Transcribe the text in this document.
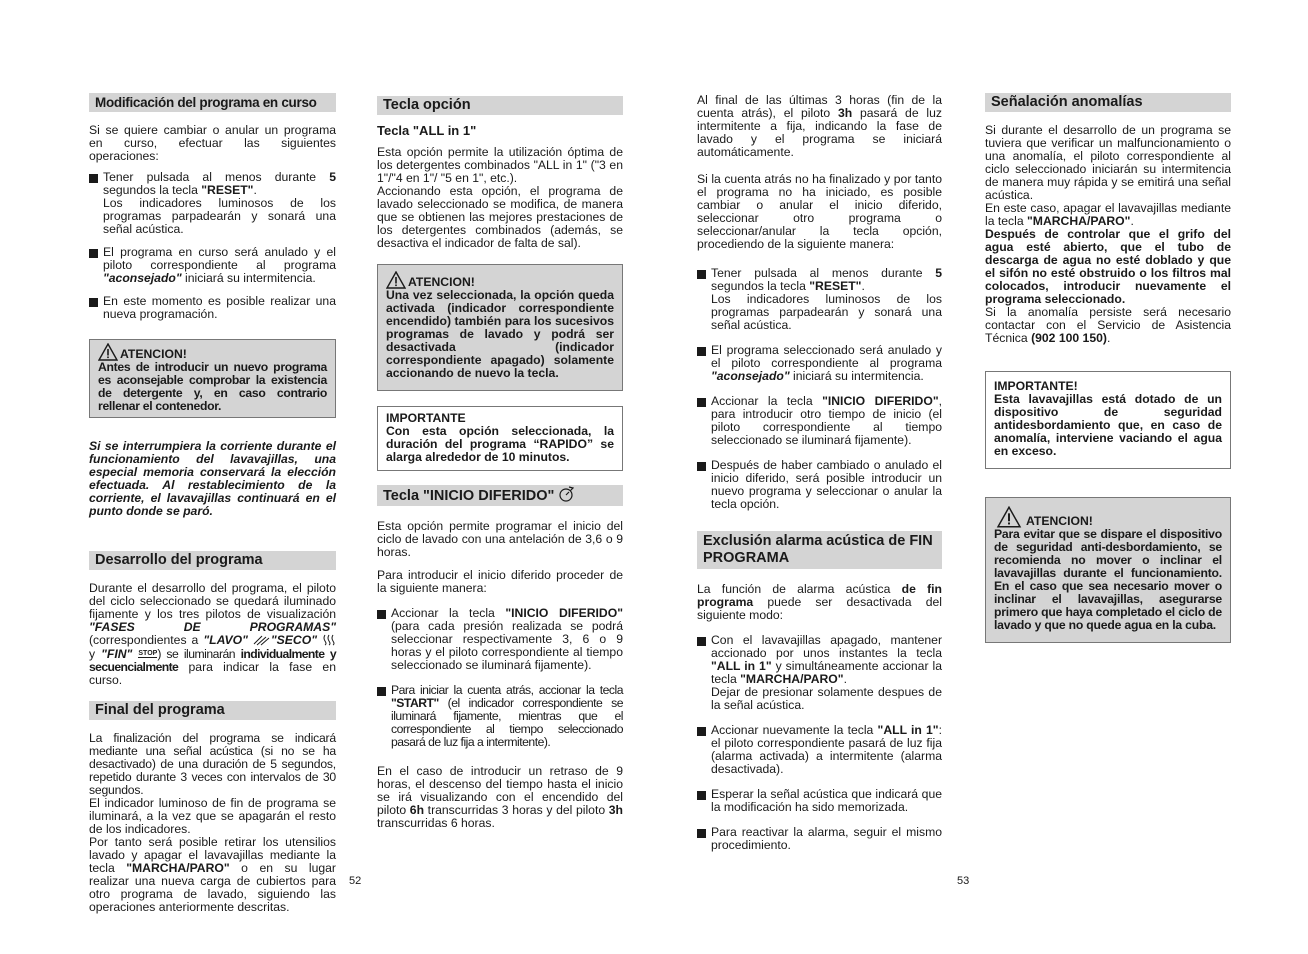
Modificación del programa en curso

Si se quiere cambiar o anular un programa en curso, efectuar las siguientes operaciones:

Tener pulsada al menos durante 5 segundos la tecla "RESET".
Los indicadores luminosos de los programas parpadearán y sonará una señal acústica.
El programa en curso será anulado y el piloto correspondiente al programa "aconsejado" iniciará su intermitencia.
En este momento es posible realizar una nueva programación.
ATENCION!
Antes de introducir un nuevo programa es aconsejable comprobar la existencia de detergente y, en caso contrario rellenar el contenedor.

Si se interrumpiera la corriente durante el funcionamiento del lavavajillas, una especial memoria conservará la elección efectuada. Al restablecimiento de la corriente, el lavavajillas continuará en el punto donde se paró.

Desarrollo del programa

Durante el desarrollo del programa, el piloto del ciclo seleccionado se quedará iluminado fijamente y los tres pilotos de visualización "FASES DE PROGRAMAS" (correspondientes a "LAVO" "SECO"  y "FIN" $^{STOP}$) se iluminarán individualmente y secuencialmente para indicar la fase en curso.

Final del programa

La finalización del programa se indicará mediante una señal acústica (si no se ha desactivado) de una duración de 5 segundos, repetido durante 3 veces con intervalos de 30 segundos.

El indicador luminoso de fin de programa se iluminará, a la vez que se apagarán el resto de los indicadores.

Por tanto será posible retirar los utensilios lavado y apagar el lavavajillas mediante la tecla "MARCHA/PARO" o en su lugar realizar una nueva carga de cubiertos para otro programa de lavado, siguiendo las operaciones anteriormente descritas.

52
Tecla opción
Tecla "ALL in 1"

Esta opción permite la utilización óptima de los detergentes combinados "ALL in 1" ("3 en 1"/"4 en 1"/ "5 en 1", etc.).

Accionando esta opción, el programa de lavado seleccionado se modifica, de manera que se obtienen las mejores prestaciones de los detergentes combinados (además, se desactiva el indicador de falta de sal).

ATENCION!
Una vez seleccionada, la opción queda activada (indicador correspondiente encendido) también para los sucesivos programas de lavado y podrá ser desactivada (indicador correspondiente apagado) solamente accionando de nuevo la tecla.
IMPORTANTE
Con esta opción seleccionada, la duración del programa “RAPIDO” se alarga alrededor de 10 minutos.
Tecla "INICIO DIFERIDO"

Esta opción permite programar el inicio del ciclo de lavado con una antelación de 3,6 o 9 horas.

Para introducir el inicio diferido proceder de la siguiente manera:

Accionar la tecla "INICIO DIFERIDO" (para cada presión realizada se podrá seleccionar respectivamente 3, 6 o 9 horas y el piloto correspondiente al tiempo seleccionado se iluminará fijamente).
Para iniciar la cuenta atrás, accionar la tecla "START" (el indicador correspondiente se iluminará fijamente, mientras que el correspondiente al tiempo seleccionado pasará de luz fija a intermitente).

En el caso de introducir un retraso de 9 horas, el descenso del tiempo hasta el inicio se irá visualizando con el encendido del piloto 6h transcurridas 3 horas y del piloto 3h transcurridas 6 horas.

Al final de las últimas 3 horas (fin de la cuenta atrás), el piloto 3h pasará de luz intermitente a fija, indicando la fase de lavado y el programa se iniciará automáticamente.

Si la cuenta atrás no ha finalizado y por tanto el programa no ha iniciado, es posible cambiar o anular el inicio diferido, seleccionar otro programa o seleccionar/anular la tecla opción, procediendo de la siguiente manera:

Tener pulsada al menos durante 5 segundos la tecla "RESET".
Los indicadores luminosos de los programas parpadearán y sonará una señal acústica.
El programa seleccionado será anulado y el piloto correspondiente al programa "aconsejado" iniciará su intermitencia.
Accionar la tecla "INICIO DIFERIDO", para introducir otro tiempo de inicio (el piloto correspondiente al tiempo seleccionado se iluminará fijamente).
Después de haber cambiado o anulado el inicio diferido, será posible introducir un nuevo programa y seleccionar o anular la tecla opción.
Exclusión alarma acústica de FIN PROGRAMA

La función de alarma acústica de fin programa puede ser desactivada del siguiente modo:

Con el lavavajillas apagado, mantener accionado por unos instantes la tecla "ALL in 1" y simultáneamente accionar la tecla "MARCHA/PARO".
Dejar de presionar solamente despues de la señal acústica.
Accionar nuevamente la tecla "ALL in 1": el piloto correspondiente pasará de luz fija (alarma activada) a intermitente (alarma desactivada).
Esperar la señal acústica que indicará que la modificación ha sido memorizada.
Para reactivar la alarma, seguir el mismo procedimiento.
53
Señalación anomalías

Si durante el desarrollo de un programa se tuviera que verificar un malfuncionamiento o una anomalía, el piloto correspondiente al ciclo seleccionado iniciarán su intermitencia de manera muy rápida y se emitirá una señal acústica.

En este caso, apagar el lavavajillas mediante la tecla "MARCHA/PARO".

Después de controlar que el grifo del agua esté abierto, que el tubo de descarga de agua no esté doblado y que el sifón no esté obstruido o los filtros mal colocados, introducir nuevamente el programa seleccionado.

Si la anomalía persiste será necesario contactar con el Servicio de Asistencia Técnica (902 100 150).

IMPORTANTE!
Esta lavavajillas está dotado de un dispositivo de seguridad antidesbordamiento que, en caso de anomalía, interviene vaciando el agua en exceso.
ATENCION!
Para evitar que se dispare el dispositivo de seguridad anti-desbordamiento, se recomienda no mover o inclinar el lavavajillas durante el funcionamiento. En el caso que sea necesario mover o inclinar el lavavajillas, asegurarse primero que haya completado el ciclo de lavado y que no quede agua en la cuba.
